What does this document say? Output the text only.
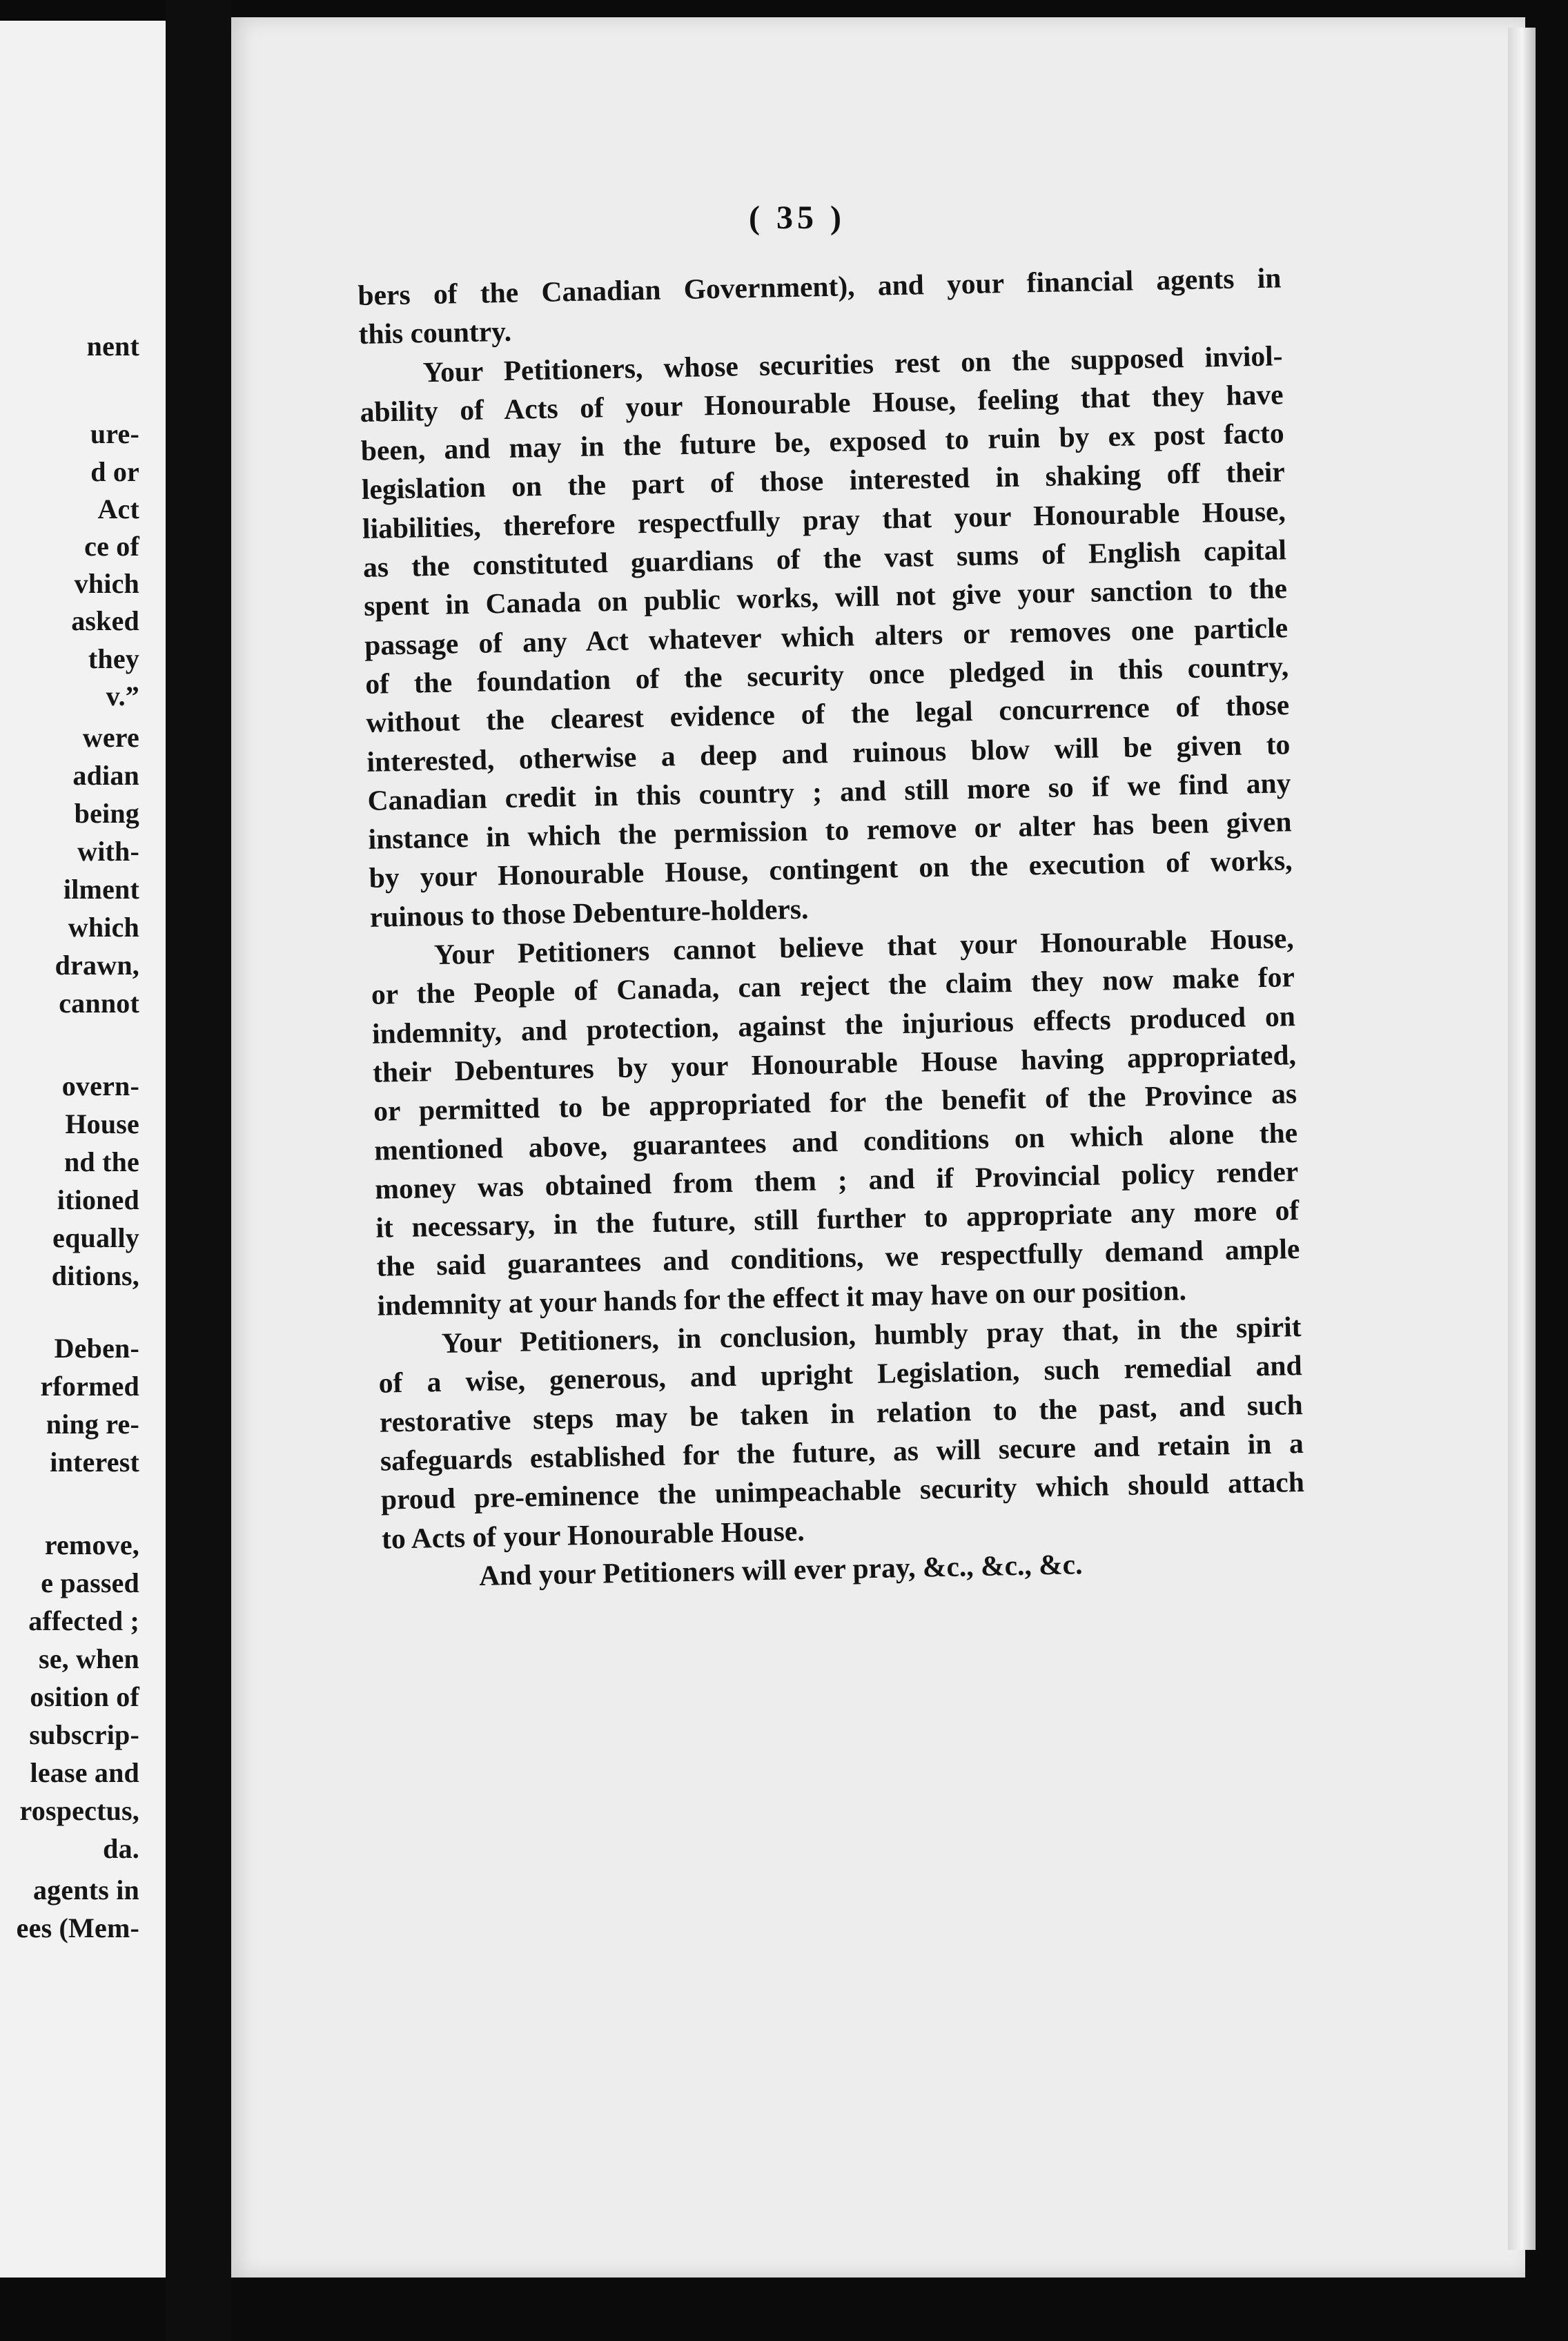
nent
ure-
d or
Act
ce of
vhich
asked
they
v.”
were
adian
being
with-
ilment
which
drawn,
cannot
overn-
House
nd the
itioned
equally
ditions,
Deben-
rformed
ning re-
interest
remove,
e passed
affected ;
se, when
osition of
subscrip-
lease and
rospectus,
da.
agents in
ees (Mem-
( 35 )
bers of the Canadian Government), and your financial agents in
this country.
Your Petitioners, whose securities rest on the supposed inviol-
ability of Acts of your Honourable House, feeling that they have
been, and may in the future be, exposed to ruin by ex post facto
legislation on the part of those interested in shaking off their
liabilities, therefore respectfully pray that your Honourable House,
as the constituted guardians of the vast sums of English capital
spent in Canada on public works, will not give your sanction to the
passage of any Act whatever which alters or removes one particle
of the foundation of the security once pledged in this country,
without the clearest evidence of the legal concurrence of those
interested, otherwise a deep and ruinous blow will be given to
Canadian credit in this country ; and still more so if we find any
instance in which the permission to remove or alter has been given
by your Honourable House, contingent on the execution of works,
ruinous to those Debenture-holders.
Your Petitioners cannot believe that your Honourable House,
or the People of Canada, can reject the claim they now make for
indemnity, and protection, against the injurious effects produced on
their Debentures by your Honourable House having appropriated,
or permitted to be appropriated for the benefit of the Province as
mentioned above, guarantees and conditions on which alone the
money was obtained from them ; and if Provincial policy render
it necessary, in the future, still further to appropriate any more of
the said guarantees and conditions, we respectfully demand ample
indemnity at your hands for the effect it may have on our position.
Your Petitioners, in conclusion, humbly pray that, in the spirit
of a wise, generous, and upright Legislation, such remedial and
restorative steps may be taken in relation to the past, and such
safeguards established for the future, as will secure and retain in a
proud pre-eminence the unimpeachable security which should attach
to Acts of your Honourable House.
And your Petitioners will ever pray, &c., &c., &c.
